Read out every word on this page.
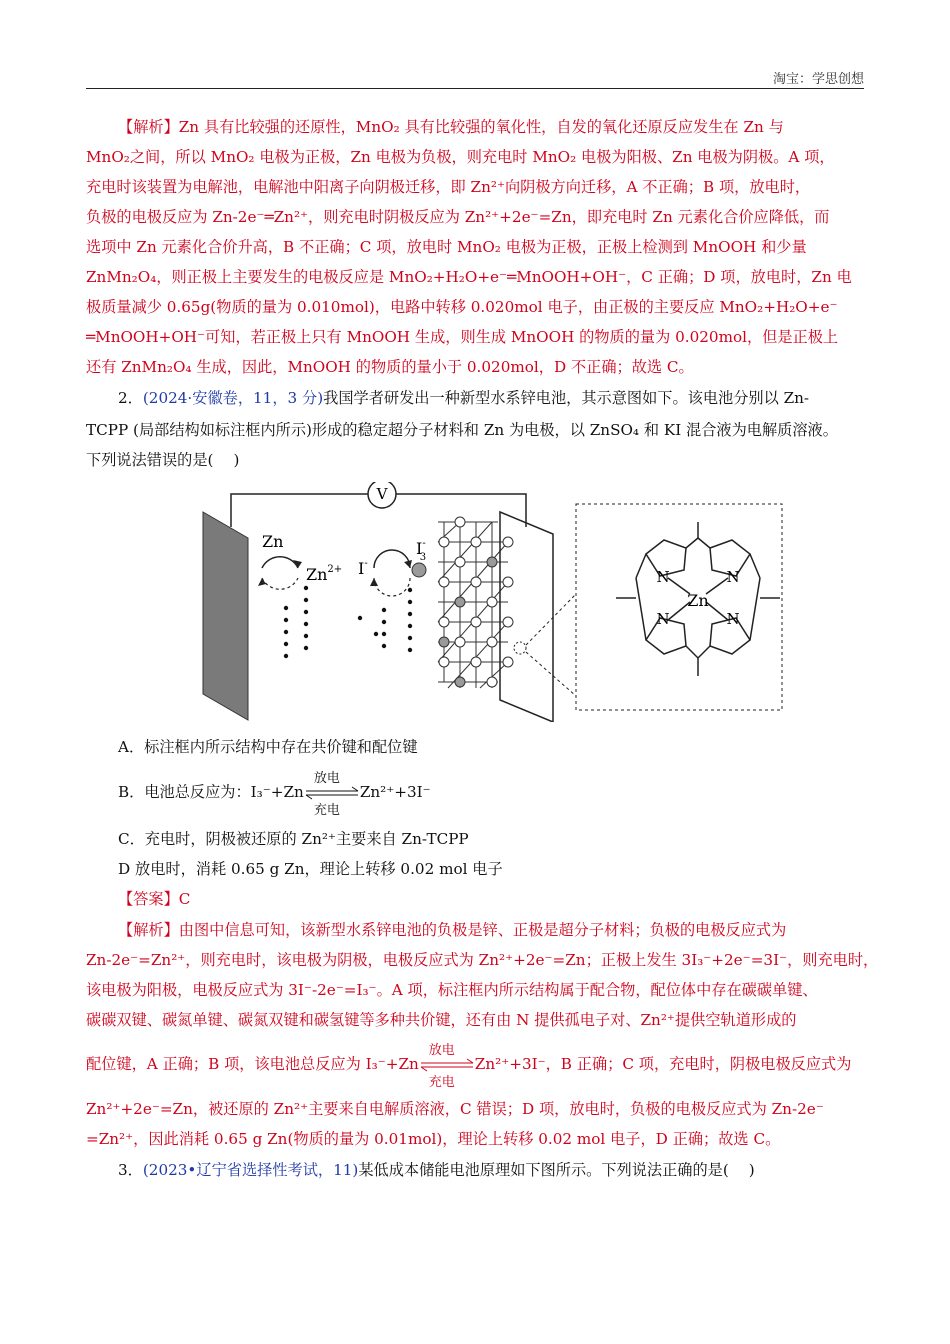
淘宝：学思创想
【解析】Zn 具有比较强的还原性，MnO₂ 具有比较强的氧化性，自发的氧化还原反应发生在 Zn 与
MnO₂之间，所以 MnO₂ 电极为正极，Zn 电极为负极，则充电时 MnO₂ 电极为阳极、Zn 电极为阴极。A 项，
充电时该装置为电解池，电解池中阳离子向阴极迁移，即 Zn²⁺向阴极方向迁移，A 不正确；B 项，放电时，
负极的电极反应为 Zn-2e⁻═Zn²⁺，则充电时阴极反应为 Zn²⁺+2e⁻=Zn，即充电时 Zn 元素化合价应降低，而
选项中 Zn 元素化合价升高，B 不正确；C 项，放电时 MnO₂ 电极为正极，正极上检测到 MnOOH 和少量
ZnMn₂O₄，则正极上主要发生的电极反应是 MnO₂+H₂O+e⁻═MnOOH+OH⁻，C 正确；D 项，放电时，Zn 电
极质量减少 0.65g(物质的量为 0.010mol)，电路中转移 0.020mol 电子，由正极的主要反应 MnO₂+H₂O+e⁻
═MnOOH+OH⁻可知，若正极上只有 MnOOH 生成，则生成 MnOOH 的物质的量为 0.020mol，但是正极上
还有 ZnMn₂O₄ 生成，因此，MnOOH 的物质的量小于 0.020mol，D 不正确；故选 C。
2．(2024·安徽卷，11，3 分)我国学者研发出一种新型水系锌电池，其示意图如下。该电池分别以 Zn-
TCPP (局部结构如标注框内所示)形成的稳定超分子材料和 Zn 为电极，以 ZnSO₄ 和 KI 混合液为电解质溶液。
下列说法错误的是(　 )
V
Zn
$Zn^{2+}$ I-
I-3
N	N
N	N
Zn
A．标注框内所示结构中存在共价键和配位键
B．电池总反应为：I₃⁻+Zn
放电
充电
Zn²⁺+3I⁻
C．充电时，阴极被还原的 Zn²⁺主要来自 Zn-TCPP
D 放电时，消耗 0.65 g Zn，理论上转移 0.02 mol 电子
【答案】C
【解析】由图中信息可知，该新型水系锌电池的负极是锌、正极是超分子材料；负极的电极反应式为
Zn-2e⁻=Zn²⁺，则充电时，该电极为阴极，电极反应式为 Zn²⁺+2e⁻=Zn；正极上发生 3I₃⁻+2e⁻=3I⁻，则充电时，
该电极为阳极，电极反应式为 3I⁻-2e⁻=I₃⁻。A 项，标注框内所示结构属于配合物，配位体中存在碳碳单键、
碳碳双键、碳氮单键、碳氮双键和碳氢键等多种共价键，还有由 N 提供孤电子对、Zn²⁺提供空轨道形成的
配位键，A 正确；B 项，该电池总反应为 I₃⁻+Zn
放电
充电
Zn²⁺+3I⁻，B 正确；C 项，充电时，阴极电极反应式为
Zn²⁺+2e⁻=Zn，被还原的 Zn²⁺主要来自电解质溶液，C 错误；D 项，放电时，负极的电极反应式为 Zn-2e⁻
=Zn²⁺，因此消耗 0.65 g Zn(物质的量为 0.01mol)，理论上转移 0.02 mol 电子，D 正确；故选 C。
3．(2023•辽宁省选择性考试，11)某低成本储能电池原理如下图所示。下列说法正确的是(　 )
